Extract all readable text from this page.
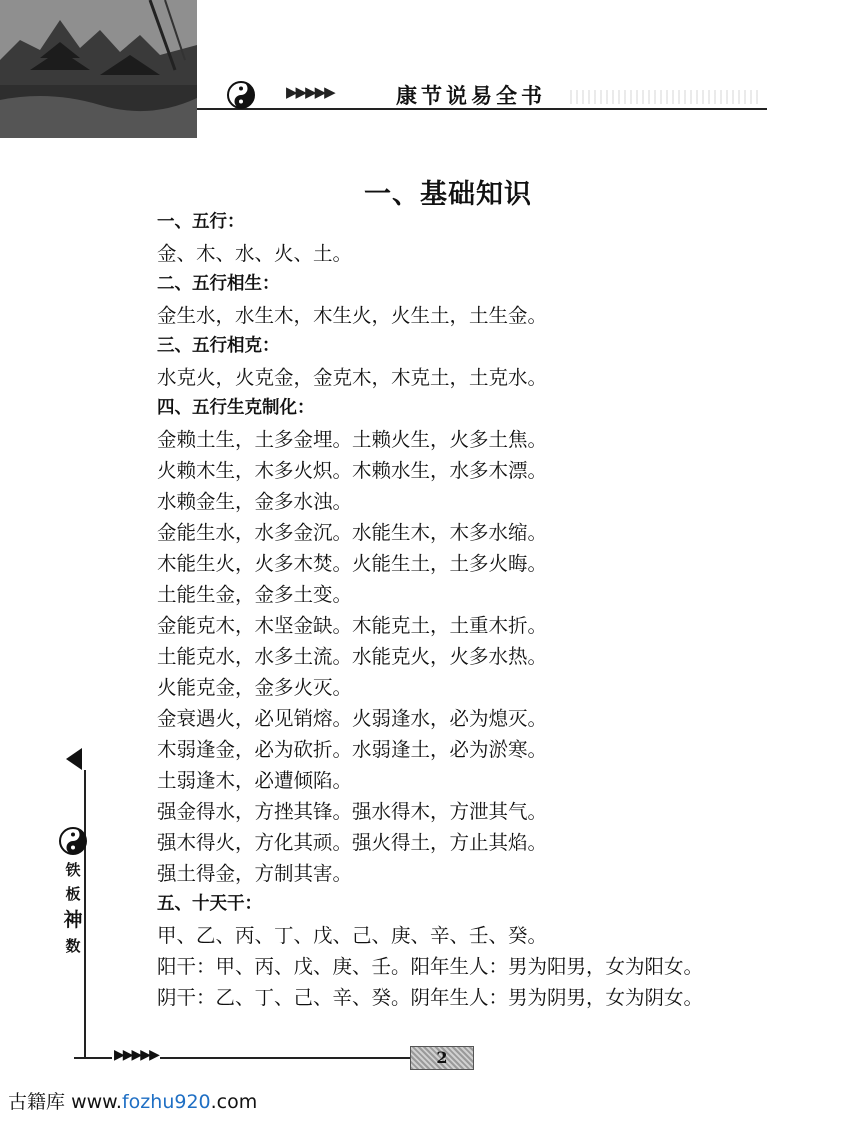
▶▶▶▶▶	康节说易全书
一、基础知识
一、五行：
金、木、水、火、土。
二、五行相生：
金生水，水生木，木生火，火生土，土生金。
三、五行相克：
水克火，火克金，金克木，木克土，土克水。
四、五行生克制化：
金赖土生，土多金埋。土赖火生，火多土焦。
火赖木生，木多火炽。木赖水生，水多木漂。
水赖金生，金多水浊。
金能生水，水多金沉。水能生木，木多水缩。
木能生火，火多木焚。火能生土，土多火晦。
土能生金，金多土变。
金能克木，木坚金缺。木能克土，土重木折。
土能克水，水多土流。水能克火，火多水热。
火能克金，金多火灭。
金衰遇火，必见销熔。火弱逢水，必为熄灭。
木弱逢金，必为砍折。水弱逢土，必为淤寒。
土弱逢木，必遭倾陷。
强金得水，方挫其锋。强水得木，方泄其气。
强木得火，方化其顽。强火得土，方止其焰。
强土得金，方制其害。
五、十天干：
甲、乙、丙、丁、戊、己、庚、辛、壬、癸。
阳干：甲、丙、戊、庚、壬。阳年生人：男为阳男，女为阳女。
阴干：乙、丁、己、辛、癸。阴年生人：男为阴男，女为阴女。
铁
板
神
数
▶▶▶▶▶	2
古籍库 www.fozhu920.com
